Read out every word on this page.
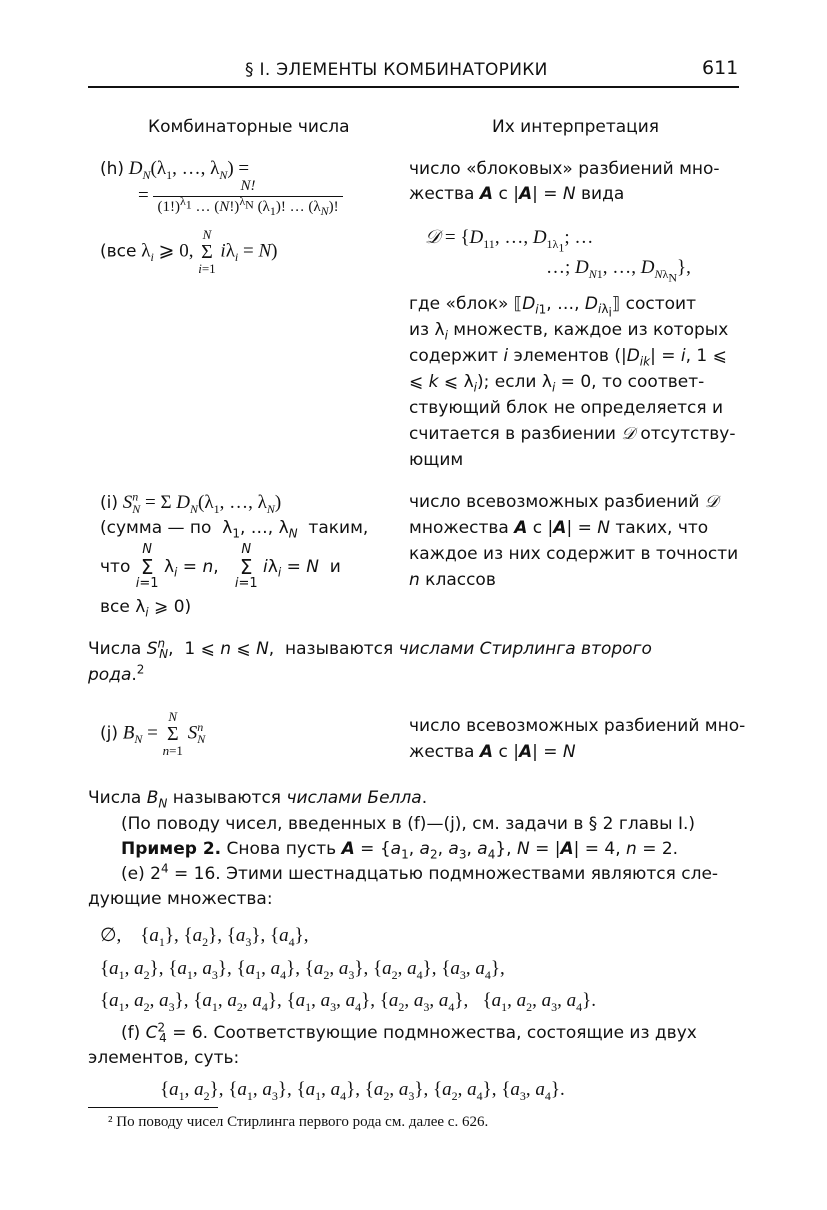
§ I. ЭЛЕМЕНТЫ КОМБИНАТОРИКИ	611
Комбинаторные числа	Их интерпретация
(h) $D_N(\lambda_1$, …, $\lambda_N$) =
= $\frac{N!}{(1!)^{\lambda_1} \dots (N!)^{\lambda_N} (\lambda_1)! \dots (\lambda_N)!}$
(все $\lambda_i$ ⩾ 0, N
Σ
i=1 $i\lambda_i = N$)
число «блоковых» разбиений мно-
жества A с |A| = N вида
𝒟 = {$D_{11}$, …, $D_{1\lambda_1}$; …
…; $D_{N1}$, …, $D_{N\lambda_N}$},
где «блок» $⟦D_{i1}$, …, $D_{i\lambda_i}⟧$ состоит
из $\lambda_i$ множеств, каждое из которых
содержит i элементов ($|D_{ik}| = i$, 1 ⩽
⩽ k ⩽ $\lambda_i$); если $\lambda_i = 0$, то соответ-
ствующий блок не определяется и
считается в разбиении 𝒟 отсутству-
ющим
(i) $S^n_N = \Sigma$ $D_N(\lambda_1$, …, $\lambda_N$)
(сумма — по  $\lambda_1$, …, $\lambda_N$  таким,
что N
Σ
i=1 $\lambda_i = n$,   N
Σ
i=1 $i\lambda_i = N$  и
все $\lambda_i$ ⩾ 0)
число всевозможных разбиений 𝒟
множества A с |A| = N таких, что
каждое из них содержит в точности
n классов
Числа $S^n_N$,  1 ⩽ n ⩽ N,  называются числами Стирлинга второго
рода.$^2$
(j) $B_N = N$
Σ
n=1 $S^n_N$
число всевозможных разбиений мно-
жества A с |A| = N
Числа $B_N$ называются числами Белла.
(По поводу чисел, введенных в (f)—(j), см. задачи в § 2 главы I.)
Пример 2. Снова пусть $A = \{a_1$, $a_2$, $a_3$, $a_4$}, N = |A| = 4, n = 2.
(e) $2^4 = 16$. Этими шестнадцатью подмножествами являются сле-
дующие множества:
∅,    $\{a_1\}$, $\{a_2\}$, $\{a_3\}$, $\{a_4\}$,
{$a_1$, $a_2$}, {$a_1$, $a_3$}, {$a_1$, $a_4$}, {$a_2$, $a_3$}, {$a_2$, $a_4$}, {$a_3$, $a_4$},
{$a_1$, $a_2$, $a_3$}, {$a_1$, $a_2$, $a_4$}, {$a_1$, $a_3$, $a_4$}, {$a_2$, $a_3$, $a_4$},   {$a_1$, $a_2$, $a_3$, $a_4$}.
(f) $C^2_4 = 6$. Соответствующие подмножества, состоящие из двух
элементов, суть:
{$a_1$, $a_2$}, {$a_1$, $a_3$}, {$a_1$, $a_4$}, {$a_2$, $a_3$}, {$a_2$, $a_4$}, {$a_3$, $a_4$}.
² По поводу чисел Стирлинга первого рода см. далее с. 626.
